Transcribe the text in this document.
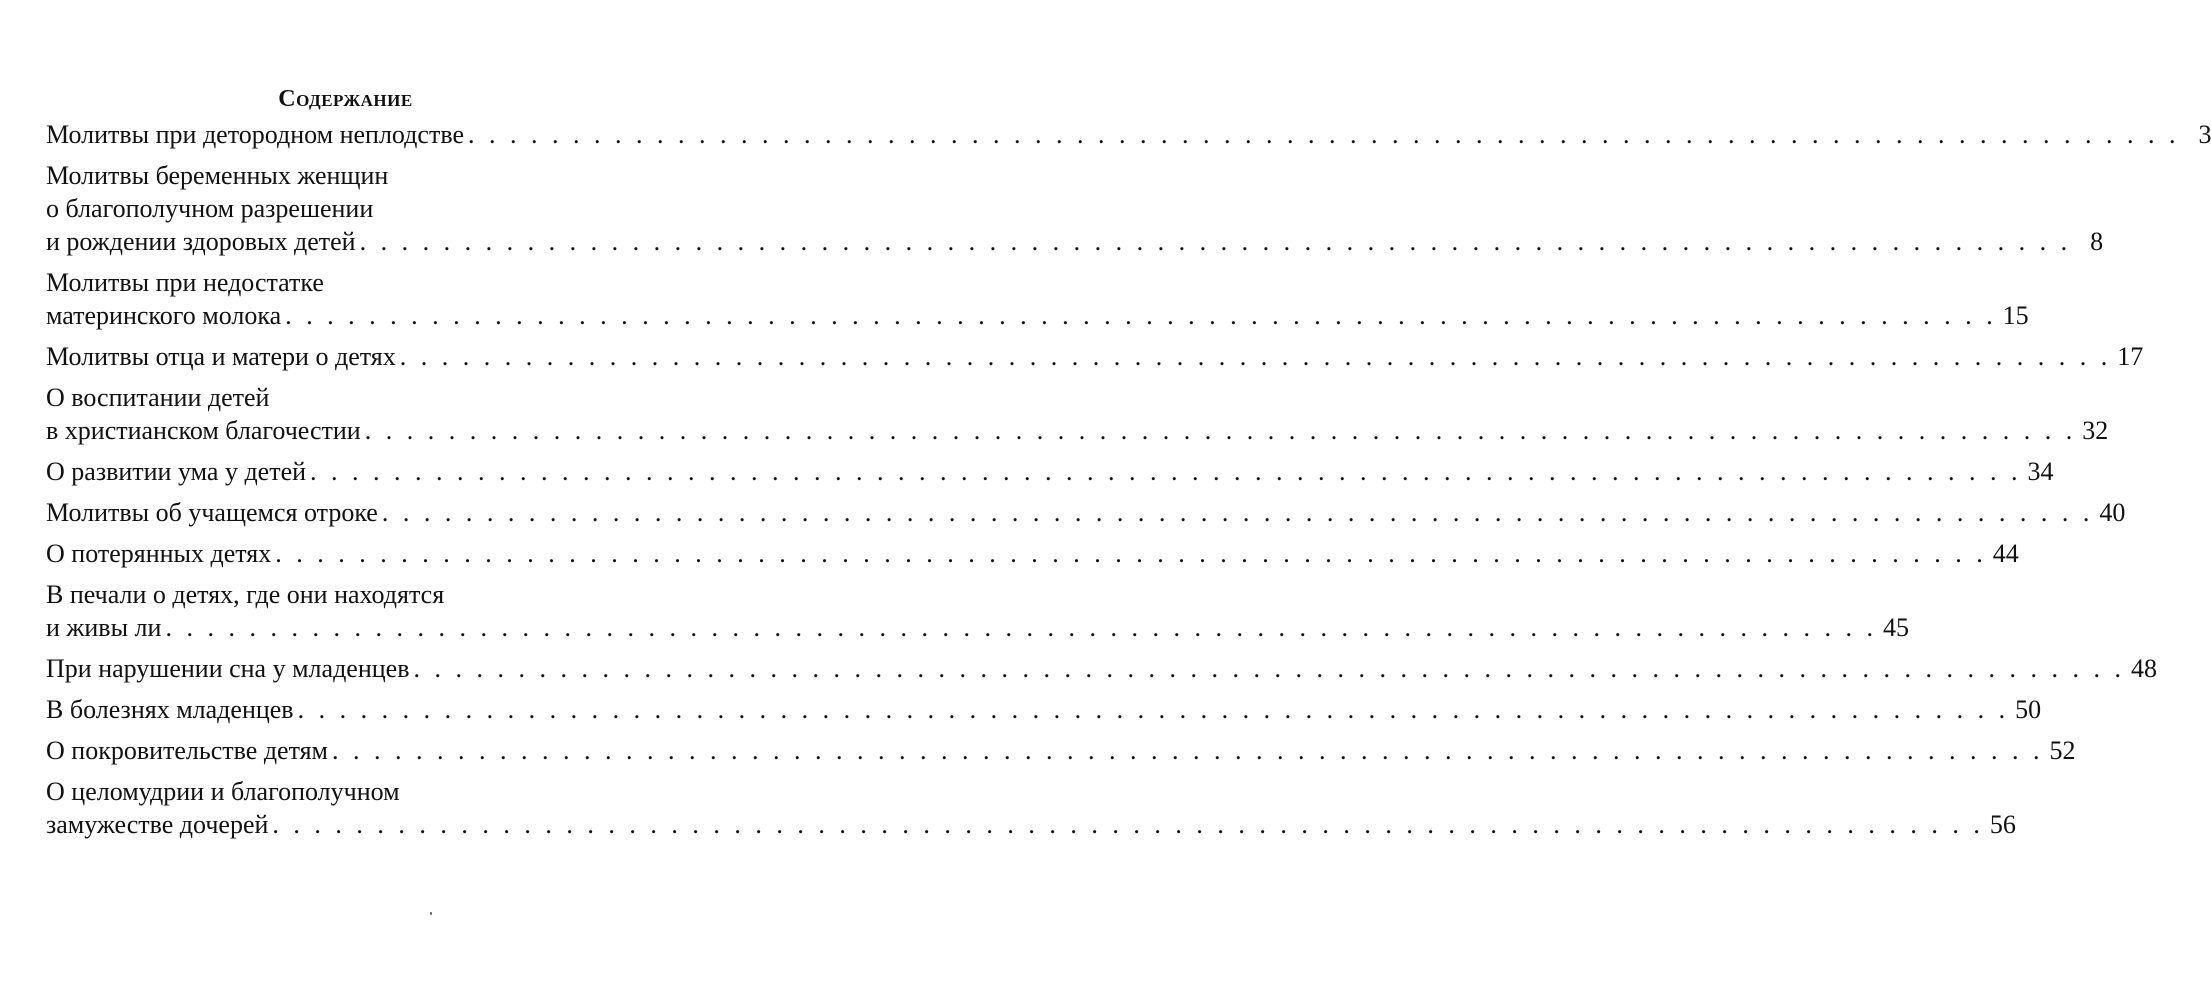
Содержание
Молитвы при детородном неплодстве . . . . . . . . . . . . . . . . . . . . . . . . . . . . . . . . . . . . . . . . . . . . . . . . . . . . . . . . . . . . . . . . . . . . . . . . . . . . . . . . . . 3
Молитвы беременных женщин
о благополучном разрешении
и рождении здоровых детей . . . . . . . . . . . . . . . . . . . . . . . . . . . . . . . . . . . . . . . . . . . . . . . . . . . . . . . . . . . . . . . . . . . . . . . . . . . . . . . . . . 8
Молитвы при недостатке
материнского молока . . . . . . . . . . . . . . . . . . . . . . . . . . . . . . . . . . . . . . . . . . . . . . . . . . . . . . . . . . . . . . . . . . . . . . . . . . . . . . . . . . 15
Молитвы отца и матери о детях . . . . . . . . . . . . . . . . . . . . . . . . . . . . . . . . . . . . . . . . . . . . . . . . . . . . . . . . . . . . . . . . . . . . . . . . . . . . . . . . . . 17
О воспитании детей
в христианском благочестии . . . . . . . . . . . . . . . . . . . . . . . . . . . . . . . . . . . . . . . . . . . . . . . . . . . . . . . . . . . . . . . . . . . . . . . . . . . . . . . . . . 32
О развитии ума у детей . . . . . . . . . . . . . . . . . . . . . . . . . . . . . . . . . . . . . . . . . . . . . . . . . . . . . . . . . . . . . . . . . . . . . . . . . . . . . . . . . . 34
Молитвы об учащемся отроке . . . . . . . . . . . . . . . . . . . . . . . . . . . . . . . . . . . . . . . . . . . . . . . . . . . . . . . . . . . . . . . . . . . . . . . . . . . . . . . . . . 40
О потерянных детях . . . . . . . . . . . . . . . . . . . . . . . . . . . . . . . . . . . . . . . . . . . . . . . . . . . . . . . . . . . . . . . . . . . . . . . . . . . . . . . . . . 44
В печали о детях, где они находятся
и живы ли . . . . . . . . . . . . . . . . . . . . . . . . . . . . . . . . . . . . . . . . . . . . . . . . . . . . . . . . . . . . . . . . . . . . . . . . . . . . . . . . . . 45
При нарушении сна у младенцев . . . . . . . . . . . . . . . . . . . . . . . . . . . . . . . . . . . . . . . . . . . . . . . . . . . . . . . . . . . . . . . . . . . . . . . . . . . . . . . . . . 48
В болезнях младенцев . . . . . . . . . . . . . . . . . . . . . . . . . . . . . . . . . . . . . . . . . . . . . . . . . . . . . . . . . . . . . . . . . . . . . . . . . . . . . . . . . . 50
О покровительстве детям . . . . . . . . . . . . . . . . . . . . . . . . . . . . . . . . . . . . . . . . . . . . . . . . . . . . . . . . . . . . . . . . . . . . . . . . . . . . . . . . . . 52
О целомудрии и благополучном
замужестве дочерей . . . . . . . . . . . . . . . . . . . . . . . . . . . . . . . . . . . . . . . . . . . . . . . . . . . . . . . . . . . . . . . . . . . . . . . . . . . . . . . . . . 56
